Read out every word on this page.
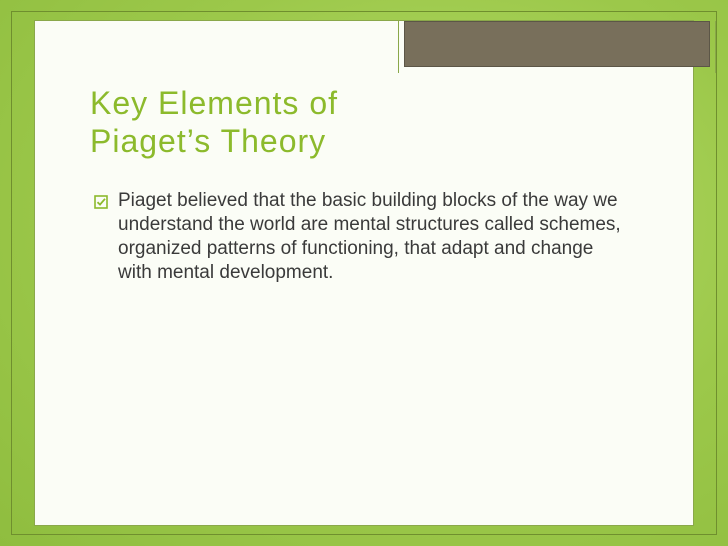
Key Elements of
Piaget’s Theory
Piaget believed that the basic building blocks of the way we understand the world are mental structures called schemes, organized patterns of functioning, that adapt and change with mental development.
